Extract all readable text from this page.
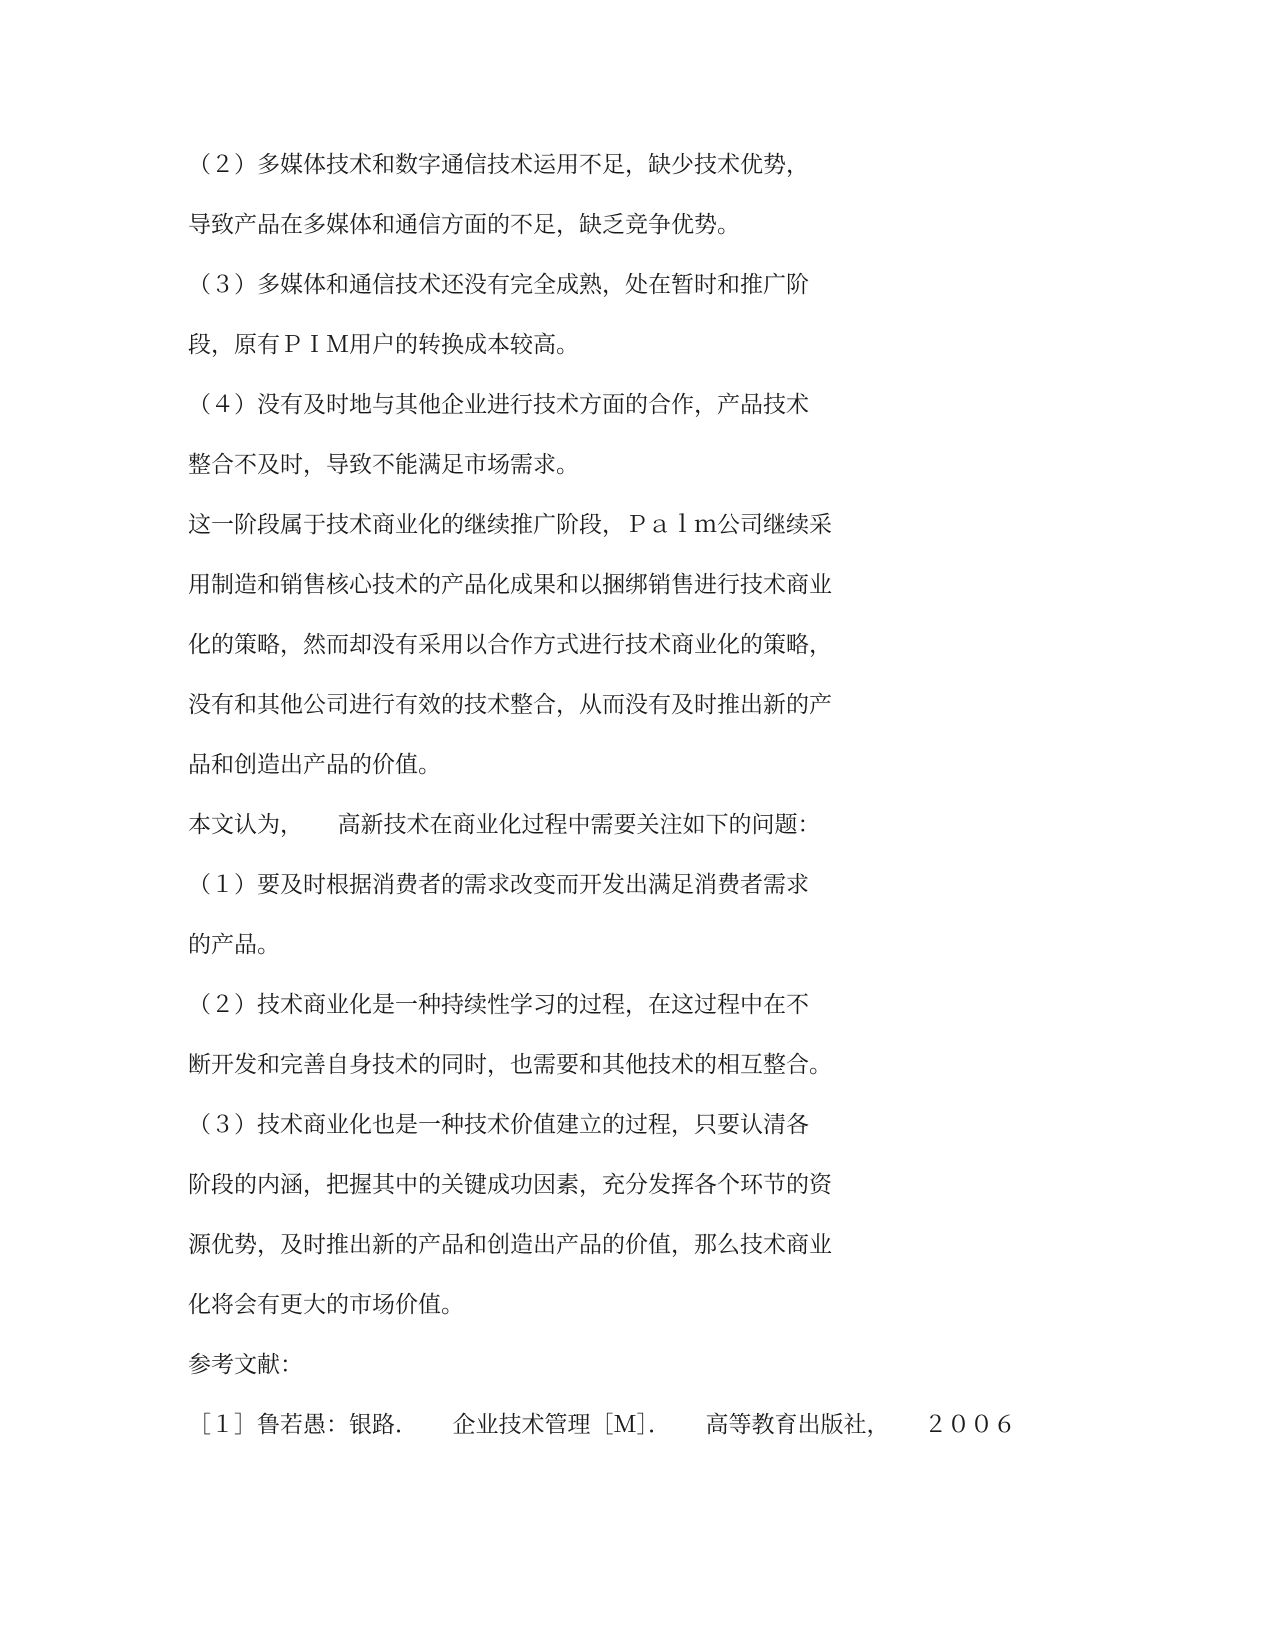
（２）多媒体技术和数字通信技术运用不足，缺少技术优势，
导致产品在多媒体和通信方面的不足，缺乏竞争优势。
（３）多媒体和通信技术还没有完全成熟，处在暂时和推广阶
段，原有ＰＩＭ用户的转换成本较高。
（４）没有及时地与其他企业进行技术方面的合作，产品技术
整合不及时，导致不能满足市场需求。
这一阶段属于技术商业化的继续推广阶段，Ｐａｌｍ公司继续采
用制造和销售核心技术的产品化成果和以捆绑销售进行技术商业
化的策略，然而却没有采用以合作方式进行技术商业化的策略，
没有和其他公司进行有效的技术整合，从而没有及时推出新的产
品和创造出产品的价值。
本文认为，　　高新技术在商业化过程中需要关注如下的问题：
（１）要及时根据消费者的需求改变而开发出满足消费者需求
的产品。
（２）技术商业化是一种持续性学习的过程，在这过程中在不
断开发和完善自身技术的同时，也需要和其他技术的相互整合。
（３）技术商业化也是一种技术价值建立的过程，只要认清各
阶段的内涵，把握其中的关键成功因素，充分发挥各个环节的资
源优势，及时推出新的产品和创造出产品的价值，那么技术商业
化将会有更大的市场价值。
参考文献：
［１］鲁若愚：银路．　　企业技术管理［Ｍ］．　　高等教育出版社，　　２００６
